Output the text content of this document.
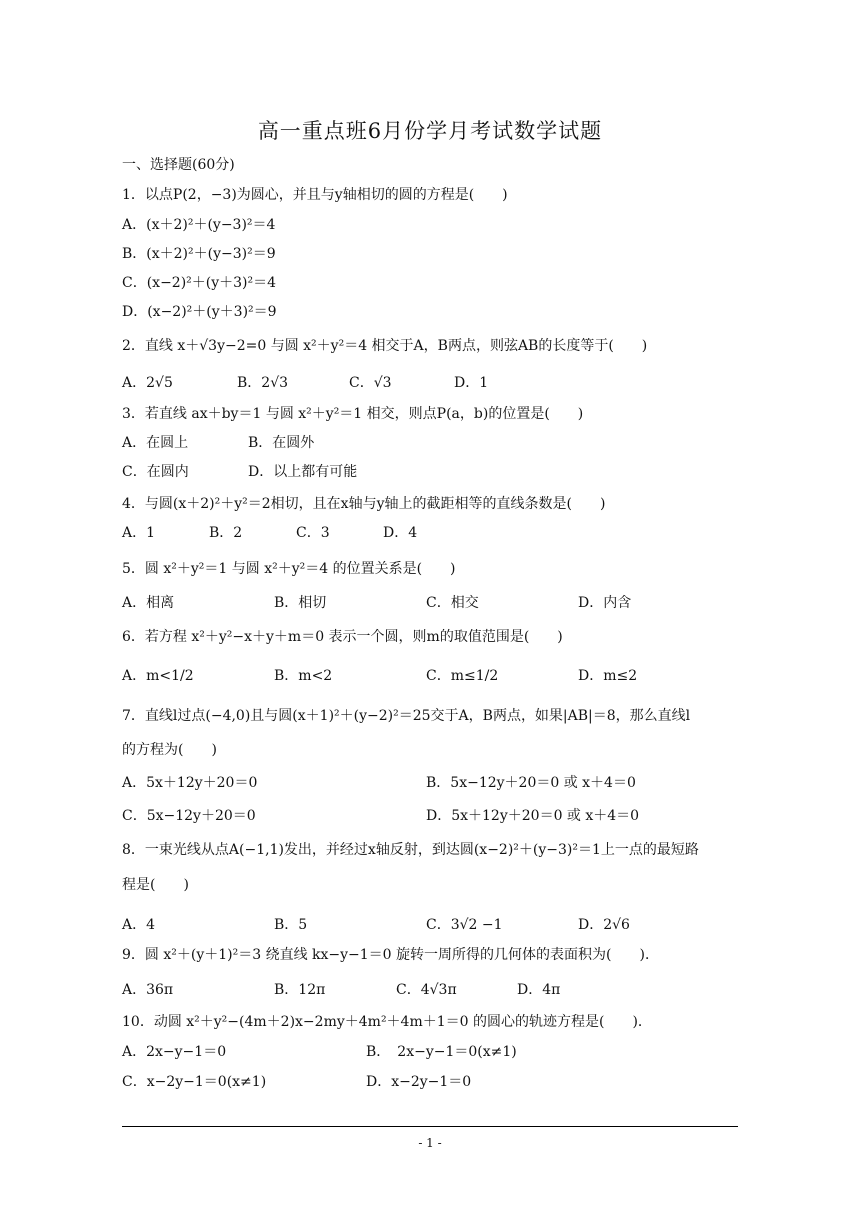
高一重点班6月份学月考试数学试题
一、选择题(60分)
1．以点P(2，−3)为圆心，并且与y轴相切的圆的方程是(　　)
A．(x＋2)²＋(y−3)²＝4
B．(x＋2)²＋(y−3)²＝9
C．(x−2)²＋(y＋3)²＝4
D．(x−2)²＋(y＋3)²＝9
2．直线 x＋√3y−2=0 与圆 x²＋y²＝4 相交于A，B两点，则弦AB的长度等于(　　)
A．2√5	B．2√3	C．√3	D．1
3．若直线 ax＋by＝1 与圆 x²＋y²＝1 相交，则点P(a，b)的位置是(　　)
A．在圆上	B．在圆外
C．在圆内	D．以上都有可能
4．与圆(x＋2)²＋y²＝2相切，且在x轴与y轴上的截距相等的直线条数是(　　)
A．1	B．2	C．3	D．4
5．圆 x²＋y²＝1 与圆 x²＋y²＝4 的位置关系是(　　)
A．相离	B．相切	C．相交	D．内含
6．若方程 x²＋y²−x＋y＋m＝0 表示一个圆，则m的取值范围是(　　)
A．m<1/2	B．m<2	C．m≤1/2	D．m≤2
7．直线l过点(−4,0)且与圆(x＋1)²＋(y−2)²＝25交于A，B两点，如果|AB|＝8，那么直线l
的方程为(　　)
A．5x＋12y＋20＝0	B．5x−12y＋20＝0 或 x＋4＝0
C．5x−12y＋20＝0	D．5x＋12y＋20＝0 或 x＋4＝0
8．一束光线从点A(−1,1)发出，并经过x轴反射，到达圆(x−2)²＋(y−3)²＝1上一点的最短路
程是(　　)
A．4	B．5	C．3√2 −1	D．2√6
9．圆 x²＋(y＋1)²＝3 绕直线 kx−y−1＝0 旋转一周所得的几何体的表面积为(　　)．
A．36π	B．12π	C．4√3π	D．4π
10．动圆 x²＋y²−(4m＋2)x−2my＋4m²＋4m＋1＝0 的圆心的轨迹方程是(　　)．
A．2x−y−1＝0	B．　2x−y−1＝0(x≠1)
C．x−2y−1＝0(x≠1)	D．x−2y−1＝0
- 1 -
